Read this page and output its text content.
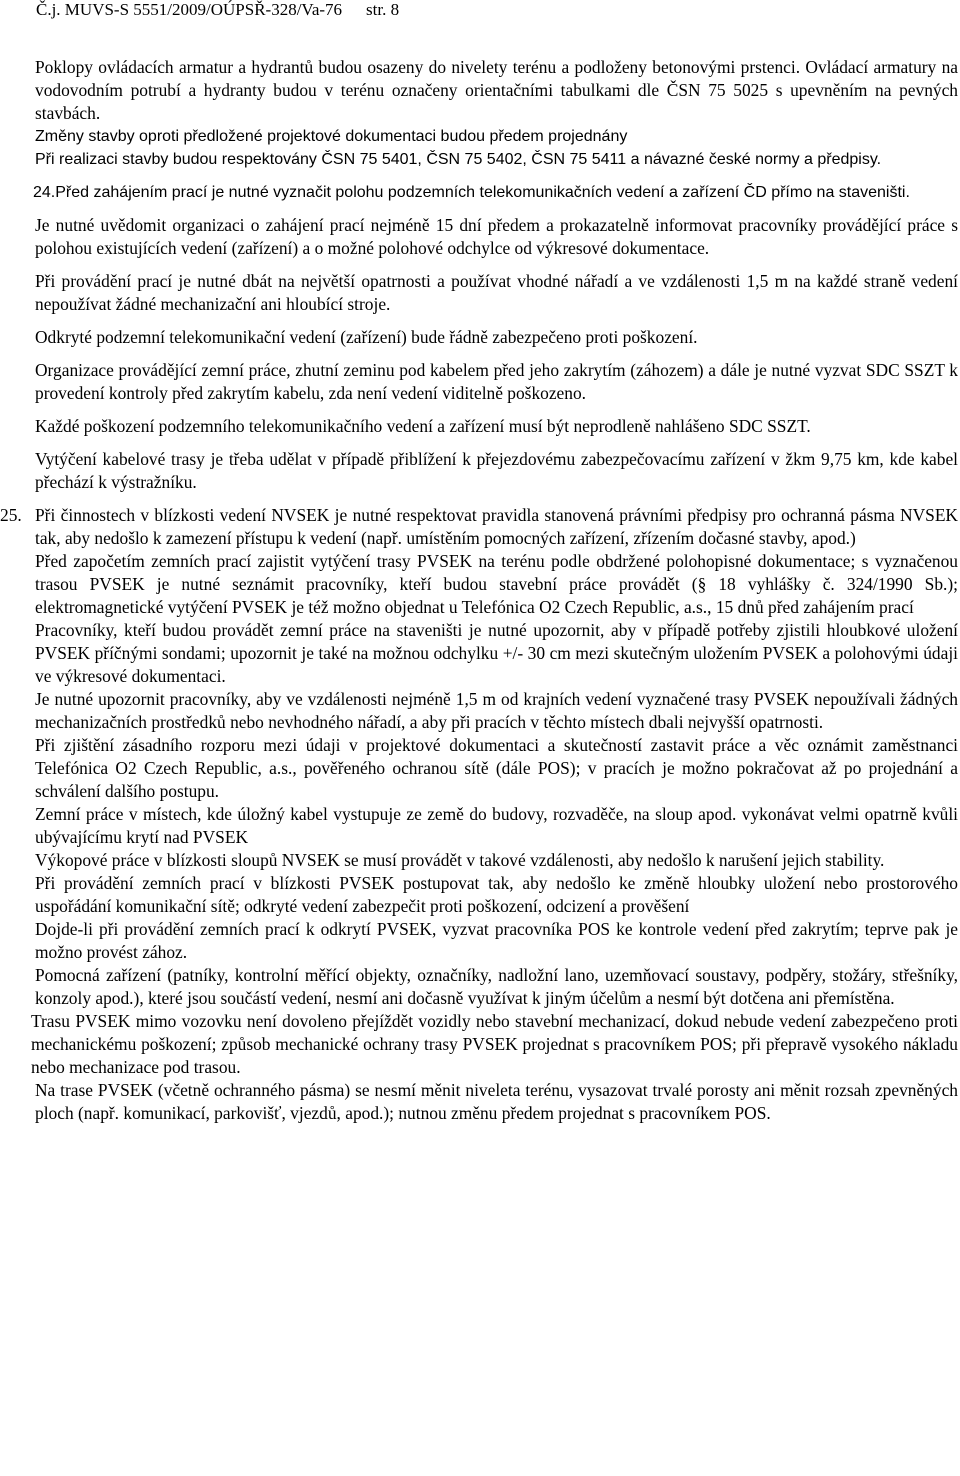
Č.j. MUVS-S 5551/2009/OÚPSŘ-328/Va-76 str. 8

Poklopy ovládacích armatur a hydrantů budou osazeny do nivelety terénu a podloženy betonovými prstenci. Ovládací armatury na vodovodním potrubí a hydranty budou v terénu označeny orientačními tabulkami dle ČSN 75 5025 s upevněním na pevných stavbách.

Změny stavby oproti předložené projektové dokumentaci budou předem projednány

Při realizaci stavby budou respektovány ČSN 75 5401, ČSN 75 5402, ČSN 75 5411 a návazné české normy a předpisy.

24. Před zahájením prací je nutné vyznačit polohu podzemních telekomunikačních vedení a zařízení ČD přímo na staveništi.

Je nutné uvědomit organizaci o zahájení prací nejméně 15 dní předem a prokazatelně informovat pracovníky provádějící práce s polohou existujících vedení (zařízení) a o možné polohové odchylce od výkresové dokumentace.

Při provádění prací je nutné dbát na největší opatrnosti a používat vhodné nářadí a ve vzdálenosti 1,5 m na každé straně vedení nepoužívat žádné mechanizační ani hloubící stroje.

Odkryté podzemní telekomunikační vedení (zařízení) bude řádně zabezpečeno proti poškození.

Organizace provádějící zemní práce, zhutní zeminu pod kabelem před jeho zakrytím (záhozem) a dále je nutné vyzvat SDC SSZT k provedení kontroly před zakrytím kabelu, zda není vedení viditelně poškozeno.

Každé poškození podzemního telekomunikačního vedení a zařízení musí být neprodleně nahlášeno SDC SSZT.

Vytýčení kabelové trasy je třeba udělat v případě přiblížení k přejezdovému zabezpečovacímu zařízení v žkm 9,75 km, kde kabel přechází k výstražníku.

25. Při činnostech v blízkosti vedení NVSEK je nutné respektovat pravidla stanovená právními předpisy pro ochranná pásma NVSEK tak, aby nedošlo k zamezení přístupu k vedení (např. umístěním pomocných zařízení, zřízením dočasné stavby, apod.)

Před započetím zemních prací zajistit vytýčení trasy PVSEK na terénu podle obdržené polohopisné dokumentace; s vyznačenou trasou PVSEK je nutné seznámit pracovníky, kteří budou stavební práce provádět (§ 18 vyhlášky č. 324/1990 Sb.); elektromagnetické vytýčení PVSEK je též možno objednat u Telefónica O2 Czech Republic, a.s., 15 dnů před zahájením prací

Pracovníky, kteří budou provádět zemní práce na staveništi je nutné upozornit, aby v případě potřeby zjistili hloubkové uložení PVSEK příčnými sondami; upozornit je také na možnou odchylku +/- 30 cm mezi skutečným uložením PVSEK a polohovými údaji ve výkresové dokumentaci.

Je nutné upozornit pracovníky, aby ve vzdálenosti nejméně 1,5 m od krajních vedení vyznačené trasy PVSEK nepoužívali žádných mechanizačních prostředků nebo nevhodného nářadí, a aby při pracích v těchto místech dbali nejvyšší opatrnosti.

Při zjištění zásadního rozporu mezi údaji v projektové dokumentaci a skutečností zastavit práce a věc oznámit zaměstnanci Telefónica O2 Czech Republic, a.s., pověřeného ochranou sítě (dále POS); v pracích je možno pokračovat až po projednání a schválení dalšího postupu.

Zemní práce v místech, kde úložný kabel vystupuje ze země do budovy, rozvaděče, na sloup apod. vykonávat velmi opatrně kvůli ubývajícímu krytí nad PVSEK

Výkopové práce v blízkosti sloupů NVSEK se musí provádět v takové vzdálenosti, aby nedošlo k narušení jejich stability.

Při provádění zemních prací v blízkosti PVSEK postupovat tak, aby nedošlo ke změně hloubky uložení nebo prostorového uspořádání komunikační sítě; odkryté vedení zabezpečit proti poškození, odcizení a prověšení

Dojde-li při provádění zemních prací k odkrytí PVSEK, vyzvat pracovníka POS ke kontrole vedení před zakrytím; teprve pak je možno provést zához.

Pomocná zařízení (patníky, kontrolní měřící objekty, označníky, nadložní lano, uzemňovací soustavy, podpěry, stožáry, střešníky, konzoly apod.), které jsou součástí vedení, nesmí ani dočasně využívat k jiným účelům a nesmí být dotčena ani přemístěna.

Trasu PVSEK mimo vozovku není dovoleno přejíždět vozidly nebo stavební mechanizací, dokud nebude vedení zabezpečeno proti mechanickému poškození; způsob mechanické ochrany trasy PVSEK projednat s pracovníkem POS; při přepravě vysokého nákladu nebo mechanizace pod trasou.

Na trase PVSEK (včetně ochranného pásma) se nesmí měnit niveleta terénu, vysazovat trvalé porosty ani měnit rozsah zpevněných ploch (např. komunikací, parkovišť, vjezdů, apod.); nutnou změnu předem projednat s pracovníkem POS.
